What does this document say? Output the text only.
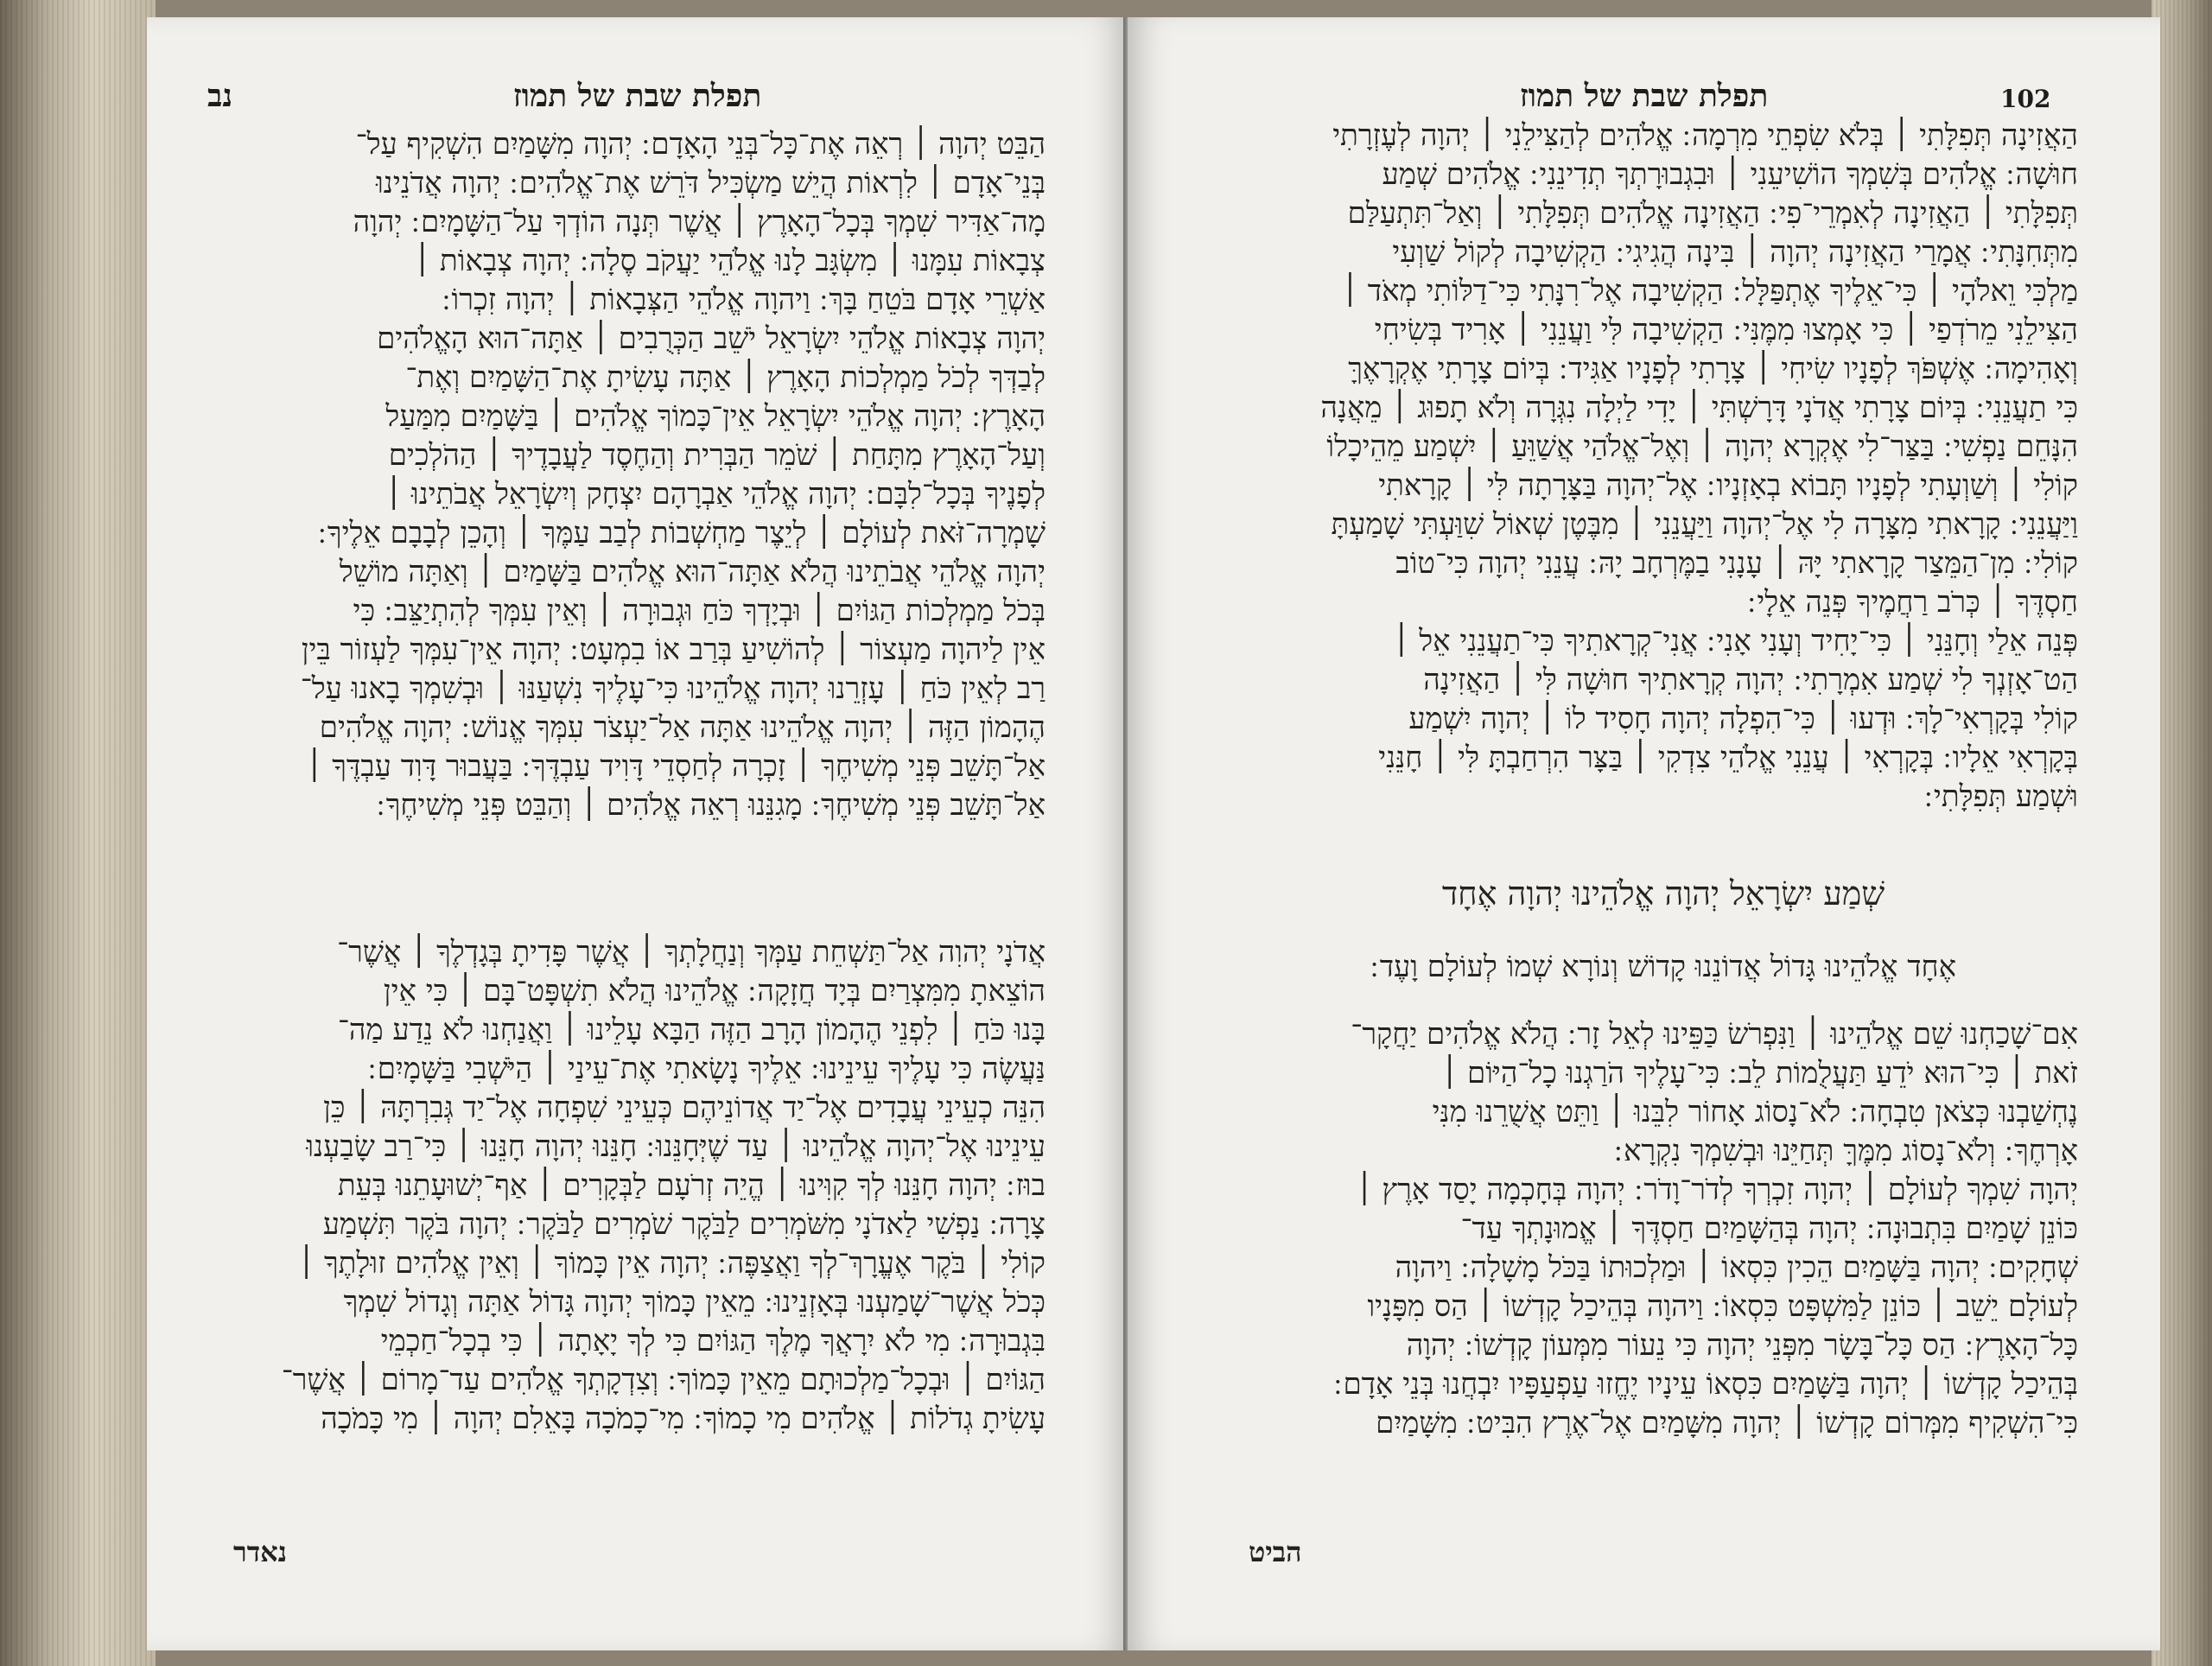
נב	תפלת שבת של תמוז
הַבֵּט יְהוָה ׀ רְאֵה אֶת־כָּל־בְּנֵי הָאָדָם ׃ יְהוָה מִשָּׁמַיִם הִשְׁקִיף עַל־
בְּנֵי־אָדָם ׀ לִרְאוֹת הֲיֵשׁ מַשְׂכִּיל דֹּרֵשׁ אֶת־אֱלֹהִים ׃ יְהוָה אֲדֹנֵינוּ
מָה־אַדִּיר שִׁמְךָ בְּכָל־הָאָרֶץ ׀ אֲשֶׁר תְּנָה הוֹדְךָ עַל־הַשָּׁמָיִם ׃ יְהוָה
צְבָאוֹת עִמָּנוּ ׀ מִשְׂגָּב לָנוּ אֱלֹהֵי יַעֲקֹב סֶלָה ׃ יְהוָה צְבָאוֹת ׀
אַשְׁרֵי אָדָם בֹּטֵחַ בָּךְ ׃ וַיהוָה אֱלֹהֵי הַצְּבָאוֹת ׀ יְהוָה זִכְרוֹ ׃
יְהוָה צְבָאוֹת אֱלֹהֵי יִשְׂרָאֵל יֹשֵׁב הַכְּרֻבִים ׀ אַתָּה־הוּא הָאֱלֹהִים
לְבַדְּךָ לְכֹל מַמְלְכוֹת הָאָרֶץ ׀ אַתָּה עָשִׂיתָ אֶת־הַשָּׁמַיִם וְאֶת־
הָאָרֶץ ׃ יְהוָה אֱלֹהֵי יִשְׂרָאֵל אֵין־כָּמוֹךָ אֱלֹהִים ׀ בַּשָּׁמַיִם מִמַּעַל
וְעַל־הָאָרֶץ מִתָּחַת ׀ שֹׁמֵר הַבְּרִית וְהַחֶסֶד לַעֲבָדֶיךָ ׀ הַהֹלְכִים
לְפָנֶיךָ בְּכָל־לִבָּם ׃ יְהוָה אֱלֹהֵי אַבְרָהָם יִצְחָק וְיִשְׂרָאֵל אֲבֹתֵינוּ ׀
שָׁמְרָה־זֹּאת לְעוֹלָם ׀ לְיֵצֶר מַחְשְׁבוֹת לְבַב עַמֶּךָ ׀ וְהָכֵן לְבָבָם אֵלֶיךָ ׃
יְהוָה אֱלֹהֵי אֲבֹתֵינוּ הֲלֹא אַתָּה־הוּא אֱלֹהִים בַּשָּׁמַיִם ׀ וְאַתָּה מוֹשֵׁל
בְּכֹל מַמְלְכוֹת הַגּוֹיִם ׀ וּבְיָדְךָ כֹּחַ וּגְבוּרָה ׀ וְאֵין עִמְּךָ לְהִתְיַצֵּב ׃ כִּי
אֵין לַיהוָה מַעְצוֹר ׀ לְהוֹשִׁיעַ בְּרַב אוֹ בִמְעָט ׃ יְהוָה אֵין־עִמְּךָ לַעְזוֹר בֵּין
רַב לְאֵין כֹּחַ ׀ עָזְרֵנוּ יְהוָה אֱלֹהֵינוּ כִּי־עָלֶיךָ נִשְׁעַנּוּ ׀ וּבְשִׁמְךָ בָאנוּ עַל־
הֶהָמוֹן הַזֶּה ׀ יְהוָה אֱלֹהֵינוּ אַתָּה אַל־יַעְצֹר עִמְּךָ אֱנוֹשׁ ׃ יְהוָה אֱלֹהִים
אַל־תָּשֵׁב פְּנֵי מְשִׁיחֶךָ ׀ זָכְרָה לְחַסְדֵי דָּוִיד עַבְדֶּךָ ׃ בַּעֲבוּר דָּוִד עַבְדֶּךָ ׀
אַל־תָּשֵׁב פְּנֵי מְשִׁיחֶךָ ׃ מָגִנֵּנוּ רְאֵה אֱלֹהִים ׀ וְהַבֵּט פְּנֵי מְשִׁיחֶךָ ׃
אֲדֹנָי יְהוִה אַל־תַּשְׁחֵת עַמְּךָ וְנַחֲלָתְךָ ׀ אֲשֶׁר פָּדִיתָ בְּגָדְלֶךָ ׀ אֲשֶׁר־
הוֹצֵאתָ מִמִּצְרַיִם בְּיָד חֲזָקָה ׃ אֱלֹהֵינוּ הֲלֹא תִשְׁפָּט־בָּם ׀ כִּי אֵין
בָּנוּ כֹּחַ ׀ לִפְנֵי הֶהָמוֹן הָרָב הַזֶּה הַבָּא עָלֵינוּ ׀ וַאֲנַחְנוּ לֹא נֵדַע מַה־
נַּעֲשֶׂה כִּי עָלֶיךָ עֵינֵינוּ ׃ אֵלֶיךָ נָשָׂאתִי אֶת־עֵינַי ׀ הַיֹּשְׁבִי בַּשָּׁמָיִם ׃
הִנֵּה כְעֵינֵי עֲבָדִים אֶל־יַד אֲדוֹנֵיהֶם כְּעֵינֵי שִׁפְחָה אֶל־יַד גְּבִרְתָּהּ ׀ כֵּן
עֵינֵינוּ אֶל־יְהוָה אֱלֹהֵינוּ ׀ עַד שֶׁיְּחָנֵּנוּ ׃ חָנֵּנוּ יְהוָה חָנֵּנוּ ׀ כִּי־רַב שָׂבַעְנוּ
בוּז ׃ יְהוָה חָנֵּנוּ לְךָ קִוִּינוּ ׀ הֱיֵה זְרֹעָם לַבְּקָרִים ׀ אַף־יְשׁוּעָתֵנוּ בְּעֵת
צָרָה ׃ נַפְשִׁי לַאדֹנָי מִשֹּׁמְרִים לַבֹּקֶר שֹׁמְרִים לַבֹּקֶר ׃ יְהוָה בֹּקֶר תִּשְׁמַע
קוֹלִי ׀ בֹּקֶר אֶעֱרָךְ־לְךָ וַאֲצַפֶּה ׃ יְהוָה אֵין כָּמוֹךָ ׀ וְאֵין אֱלֹהִים זוּלָתֶךָ ׀
כְּכֹל אֲשֶׁר־שָׁמַעְנוּ בְּאָזְנֵינוּ ׃ מֵאֵין כָּמוֹךָ יְהוָה גָּדוֹל אַתָּה וְגָדוֹל שִׁמְךָ
בִּגְבוּרָה ׃ מִי לֹא יִרָאֲךָ מֶלֶךְ הַגּוֹיִם כִּי לְךָ יָאָתָה ׀ כִּי בְכָל־חַכְמֵי
הַגּוֹיִם ׀ וּבְכָל־מַלְכוּתָם מֵאֵין כָּמוֹךָ ׃ וְצִדְקָתְךָ אֱלֹהִים עַד־מָרוֹם ׀ אֲשֶׁר־
עָשִׂיתָ גְדֹלוֹת ׀ אֱלֹהִים מִי כָמוֹךָ ׃ מִי־כָמֹכָה בָּאֵלִם יְהוָה ׀ מִי כָּמֹכָה
נאדר
102
תפלת שבת של תמוז
הַאֲזִינָה תְּפִלָּתִי ׀ בְּלֹא שִׂפְתֵי מִרְמָה ׃ אֱלֹהִים לְהַצִּילֵנִי ׀ יְהוָה לְעֶזְרָתִי
חוּשָׁה ׃ אֱלֹהִים בְּשִׁמְךָ הוֹשִׁיעֵנִי ׀ וּבִגְבוּרָתְךָ תְדִינֵנִי ׃ אֱלֹהִים שְׁמַע
תְּפִלָּתִי ׀ הַאֲזִינָה לְאִמְרֵי־פִי ׃ הַאֲזִינָה אֱלֹהִים תְּפִלָּתִי ׀ וְאַל־תִּתְעַלַּם
מִתְּחִנָּתִי ׃ אֲמָרַי הַאֲזִינָה יְהוָה ׀ בִּינָה הֲגִיגִי ׃ הַקְשִׁיבָה לְקוֹל שַׁוְעִי
מַלְכִּי וֵאלֹהָי ׀ כִּי־אֵלֶיךָ אֶתְפַּלָּל ׃ הַקְשִׁיבָה אֶל־רִנָּתִי כִּי־דַלּוֹתִי מְאֹד ׀
הַצִּילֵנִי מֵרֹדְפַי ׀ כִּי אָמְצוּ מִמֶּנִּי ׃ הַקְשִׁיבָה לִּי וַעֲנֵנִי ׀ אָרִיד בְּשִׂיחִי
וְאָהִימָה ׃ אֶשְׁפֹּךְ לְפָנָיו שִׂיחִי ׀ צָרָתִי לְפָנָיו אַגִּיד ׃ בְּיוֹם צָרָתִי אֶקְרָאֶךָּ
כִּי תַעֲנֵנִי ׃ בְּיוֹם צָרָתִי אֲדֹנָי דָּרָשְׁתִּי ׀ יָדִי לַיְלָה נִגְּרָה וְלֹא תָפוּג ׀ מֵאֲנָה
הִנָּחֵם נַפְשִׁי ׃ בַּצַּר־לִי אֶקְרָא יְהוָה ׀ וְאֶל־אֱלֹהַי אֲשַׁוֵּעַ ׀ יִשְׁמַע מֵהֵיכָלוֹ
קוֹלִי ׀ וְשַׁוְעָתִי לְפָנָיו תָּבוֹא בְאָזְנָיו ׃ אֶל־יְהוָה בַּצָּרָתָה לִּי ׀ קָרָאתִי
וַיַּעֲנֵנִי ׃ קָרָאתִי מִצָּרָה לִי אֶל־יְהוָה וַיַּעֲנֵנִי ׀ מִבֶּטֶן שְׁאוֹל שִׁוַּעְתִּי שָׁמַעְתָּ
קוֹלִי ׃ מִן־הַמֵּצַר קָרָאתִי יָּהּ ׀ עָנָנִי בַמֶּרְחָב יָהּ ׃ עֲנֵנִי יְהוָה כִּי־טוֹב
חַסְדֶּךָ ׀ כְּרֹב רַחֲמֶיךָ פְּנֵה אֵלָי ׃
פְּנֵה אֵלַי וְחָנֵּנִי ׀ כִּי־יָחִיד וְעָנִי אָנִי ׃ אֲנִי־קְרָאתִיךָ כִּי־תַעֲנֵנִי אֵל ׀
הַט־אָזְנְךָ לִי שְׁמַע אִמְרָתִי ׃ יְהוָה קְרָאתִיךָ חוּשָׁה לִּי ׀ הַאֲזִינָה
קוֹלִי בְּקָרְאִי־לָךְ ׃ וּדְעוּ ׀ כִּי־הִפְלָה יְהוָה חָסִיד לוֹ ׀ יְהוָה יִשְׁמַע
בְּקָרְאִי אֵלָיו ׃ בְּקָרְאִי ׀ עֲנֵנִי אֱלֹהֵי צִדְקִי ׀ בַּצָּר הִרְחַבְתָּ לִּי ׀ חָנֵּנִי
וּשְׁמַע תְּפִלָּתִי ׃
שְׁמַע יִשְׂרָאֵל יְהוָה אֱלֹהֵינוּ יְהוָה אֶחָד
אֶחָד אֱלֹהֵינוּ גָּדוֹל אֲדוֹנֵנוּ קָדוֹשׁ וְנוֹרָא שְׁמוֹ לְעוֹלָם וָעֶד ׃
אִם־שָׁכַחְנוּ שֵׁם אֱלֹהֵינוּ ׀ וַנִּפְרֹשׂ כַּפֵּינוּ לְאֵל זָר ׃ הֲלֹא אֱלֹהִים יַחֲקָר־
זֹאת ׀ כִּי־הוּא יֹדֵעַ תַּעֲלֻמוֹת לֵב ׃ כִּי־עָלֶיךָ הֹרַגְנוּ כָל־הַיּוֹם ׀
נֶחְשַׁבְנוּ כְּצֹאן טִבְחָה ׃ לֹא־נָסוֹג אָחוֹר לִבֵּנוּ ׀ וַתֵּט אֲשֻׁרֵנוּ מִנִּי
אָרְחֶךָ ׃ וְלֹא־נָסוֹג מִמֶּךָּ תְּחַיֵּנוּ וּבְשִׁמְךָ נִקְרָא ׃
יְהוָה שִׁמְךָ לְעוֹלָם ׀ יְהוָה זִכְרְךָ לְדֹר־וָדֹר ׃ יְהוָה בְּחָכְמָה יָסַד אָרֶץ ׀
כּוֹנֵן שָׁמַיִם בִּתְבוּנָה ׃ יְהוָה בְּהַשָּׁמַיִם חַסְדֶּךָ ׀ אֱמוּנָתְךָ עַד־
שְׁחָקִים ׃ יְהוָה בַּשָּׁמַיִם הֵכִין כִּסְאוֹ ׀ וּמַלְכוּתוֹ בַּכֹּל מָשָׁלָה ׃ וַיהוָה
לְעוֹלָם יֵשֵׁב ׀ כּוֹנֵן לַמִּשְׁפָּט כִּסְאוֹ ׃ וַיהוָה בְּהֵיכַל קָדְשׁוֹ ׀ הַס מִפָּנָיו
כָּל־הָאָרֶץ ׃ הַס כָּל־בָּשָׂר מִפְּנֵי יְהוָה כִּי נֵעוֹר מִמְּעוֹן קָדְשׁוֹ ׃ יְהוָה
בְּהֵיכַל קָדְשׁוֹ ׀ יְהוָה בַּשָּׁמַיִם כִּסְאוֹ עֵינָיו יֶחֱזוּ עַפְעַפָּיו יִבְחֲנוּ בְּנֵי אָדָם ׃
כִּי־הִשְׁקִיף מִמְּרוֹם קָדְשׁוֹ ׀ יְהוָה מִשָּׁמַיִם אֶל־אֶרֶץ הִבִּיט ׃ מִשָּׁמַיִם
הביט
